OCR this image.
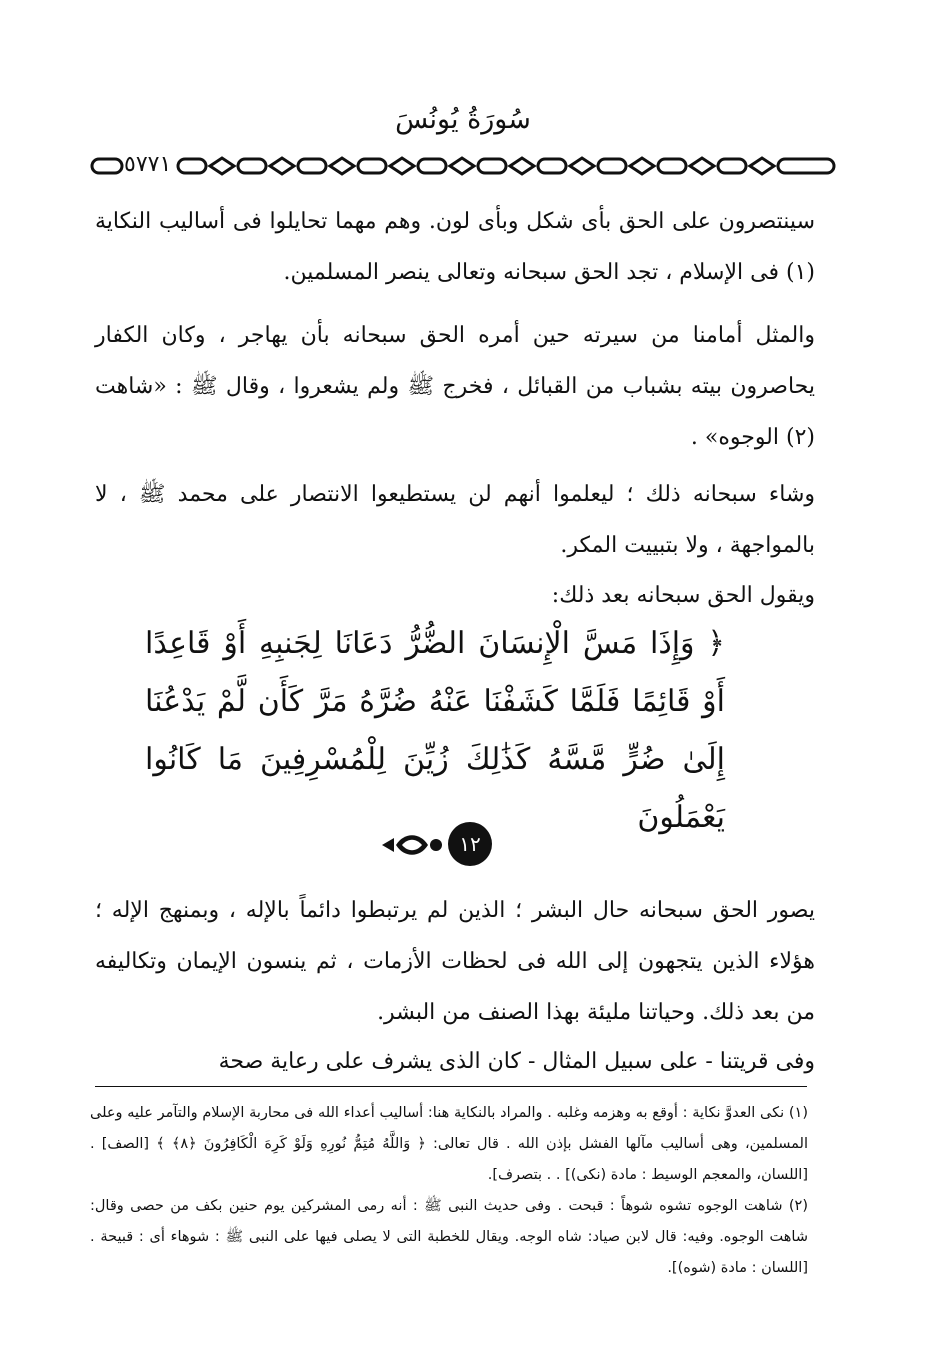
سُورَةُ يُونُسَ
٥٧٧١
سينتصرون على الحق بأى شكل وبأى لون. وهم مهما تحايلوا فى أساليب النكاية (١) فى الإسلام ، تجد الحق سبحانه وتعالى ينصر المسلمين.
والمثل أمامنا من سيرته حين أمره الحق سبحانه بأن يهاجر ، وكان الكفار يحاصرون بيته بشباب من القبائل ، فخرج ﷺ ولم يشعروا ، وقال ﷺ : «شاهت (٢) الوجوه» .
وشاء سبحانه ذلك ؛ ليعلموا أنهم لن يستطيعوا الانتصار على محمد ﷺ ، لا بالمواجهة ، ولا بتبييت المكر.
ويقول الحق سبحانه بعد ذلك:
﴿ وَإِذَا مَسَّ الْإِنسَانَ الضُّرُّ دَعَانَا لِجَنبِهِ أَوْ قَاعِدًا أَوْ قَائِمًا فَلَمَّا كَشَفْنَا عَنْهُ ضُرَّهُ مَرَّ كَأَن لَّمْ يَدْعُنَا إِلَىٰ ضُرٍّ مَّسَّهُ كَذَٰلِكَ زُيِّنَ لِلْمُسْرِفِينَ مَا كَانُوا يَعْمَلُونَ
١٢
يصور الحق سبحانه حال البشر ؛ الذين لم يرتبطوا دائماً بالإله ، وبمنهج الإله ؛ هؤلاء الذين يتجهون إلى الله فى لحظات الأزمات ، ثم ينسون الإيمان وتكاليفه من بعد ذلك. وحياتنا مليئة بهذا الصنف من البشر.
وفى قريتنا - على سبيل المثال - كان الذى يشرف على رعاية صحة

(١) نكى العدوَّ نكاية : أوقع به وهزمه وغلبه . والمراد بالنكاية هنا: أساليب أعداء الله فى محاربة الإسلام والتآمر عليه وعلى المسلمين، وهى أساليب مآلها الفشل بإذن الله . قال تعالى: ﴿ وَاللَّهُ مُتِمُّ نُورِهِ وَلَوْ كَرِهَ الْكَافِرُونَ ﴿٨﴾ ﴾ [الصف] . [اللسان، والمعجم الوسيط : مادة (نكى)] . . بتصرف].

(٢) شاهت الوجوه تشوه شوهاً : قبحت . وفى حديث النبى ﷺ : أنه رمى المشركين يوم حنين بكف من حصى وقال: شاهت الوجوه. وفيه: قال لابن صياد: شاه الوجه. ويقال للخطبة التى لا يصلى فيها على النبى ﷺ : شوهاء أى : قبيحة . [اللسان : مادة (شوه)].
